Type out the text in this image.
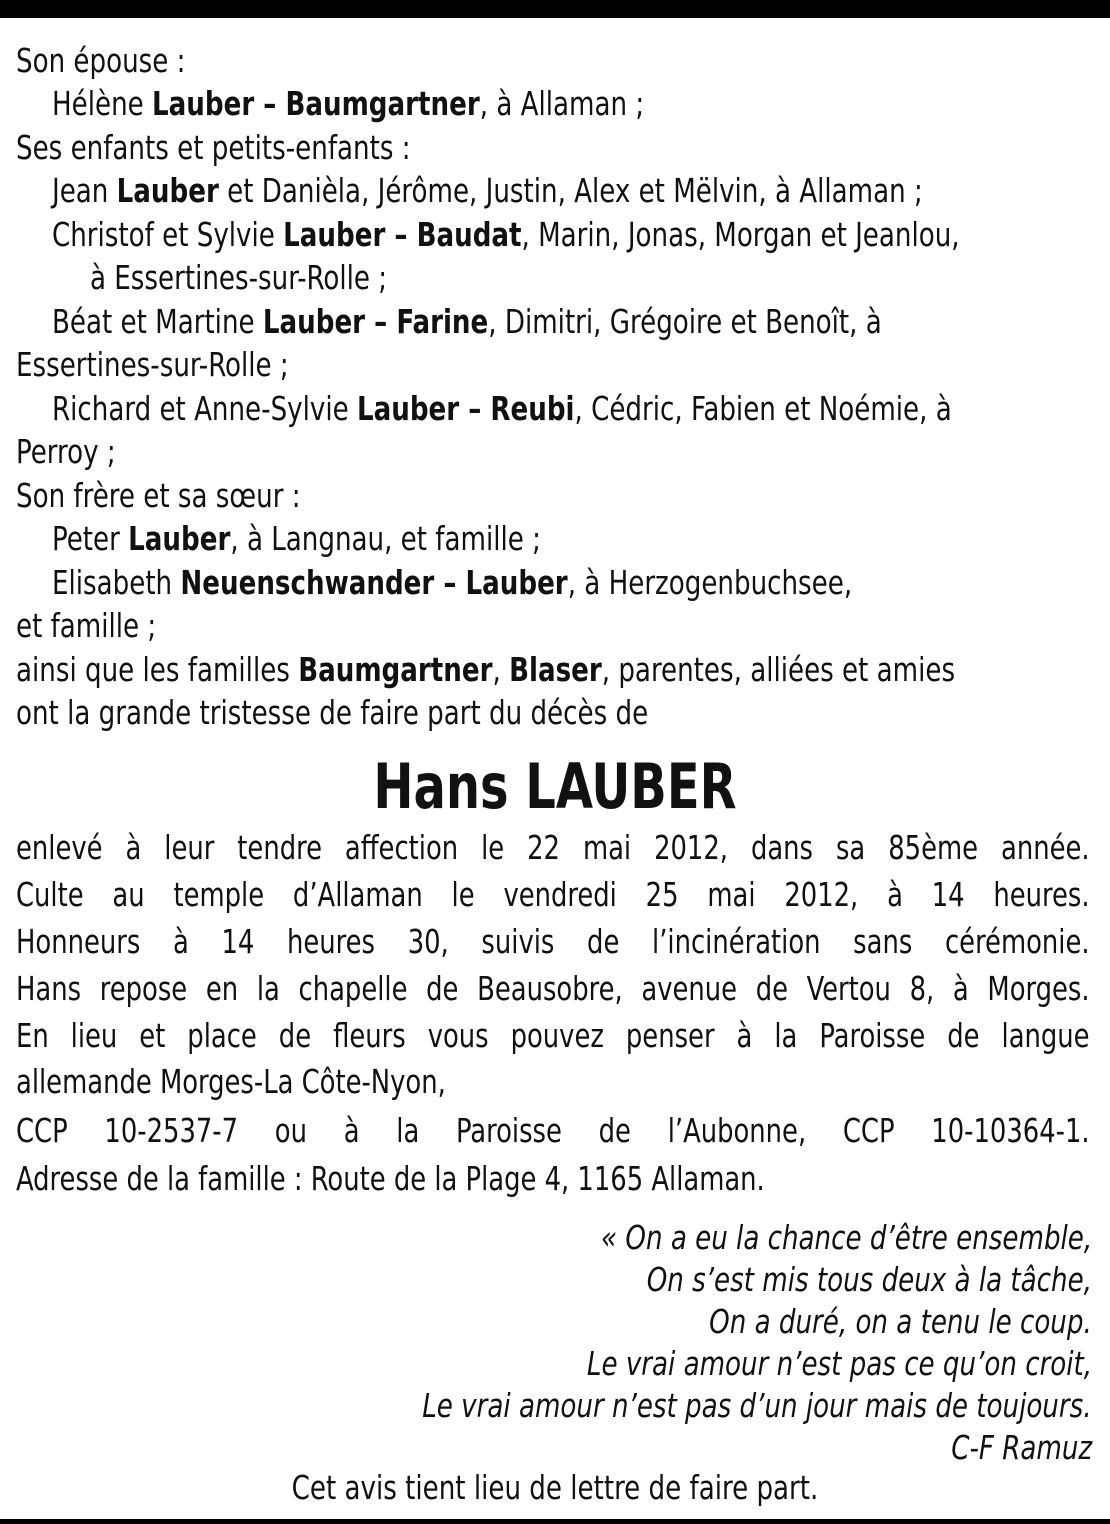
Son épouse :
Hélène Lauber – Baumgartner, à Allaman ;
Ses enfants et petits-enfants :
Jean Lauber et Danièla, Jérôme, Justin, Alex et Mëlvin, à Allaman ;
Christof et Sylvie Lauber – Baudat, Marin, Jonas, Morgan et Jeanlou,
à Essertines-sur-Rolle ;
Béat et Martine Lauber – Farine, Dimitri, Grégoire et Benoît, à
Essertines-sur-Rolle ;
Richard et Anne-Sylvie Lauber – Reubi, Cédric, Fabien et Noémie, à
Perroy ;
Son frère et sa sœur :
Peter Lauber, à Langnau, et famille ;
Elisabeth Neuenschwander – Lauber, à Herzogenbuchsee,
et famille ;
ainsi que les familles Baumgartner, Blaser, parentes, alliées et amies
ont la grande tristesse de faire part du décès de
Hans LAUBER
enlevé à leur tendre affection le 22 mai 2012, dans sa 85ème année.
Culte au temple d’Allaman le vendredi 25 mai 2012, à 14 heures.
Honneurs à 14 heures 30, suivis de l’incinération sans cérémonie.
Hans repose en la chapelle de Beausobre, avenue de Vertou 8, à Morges.
En lieu et place de fleurs vous pouvez penser à la Paroisse de langue
allemande Morges-La Côte-Nyon,
CCP 10-2537-7 ou à la Paroisse de l’Aubonne, CCP 10-10364-1.
Adresse de la famille : Route de la Plage 4, 1165 Allaman.
« On a eu la chance d’être ensemble,
On s’est mis tous deux à la tâche,
On a duré, on a tenu le coup.
Le vrai amour n’est pas ce qu’on croit,
Le vrai amour n’est pas d’un jour mais de toujours.
C-F Ramuz
Cet avis tient lieu de lettre de faire part.
